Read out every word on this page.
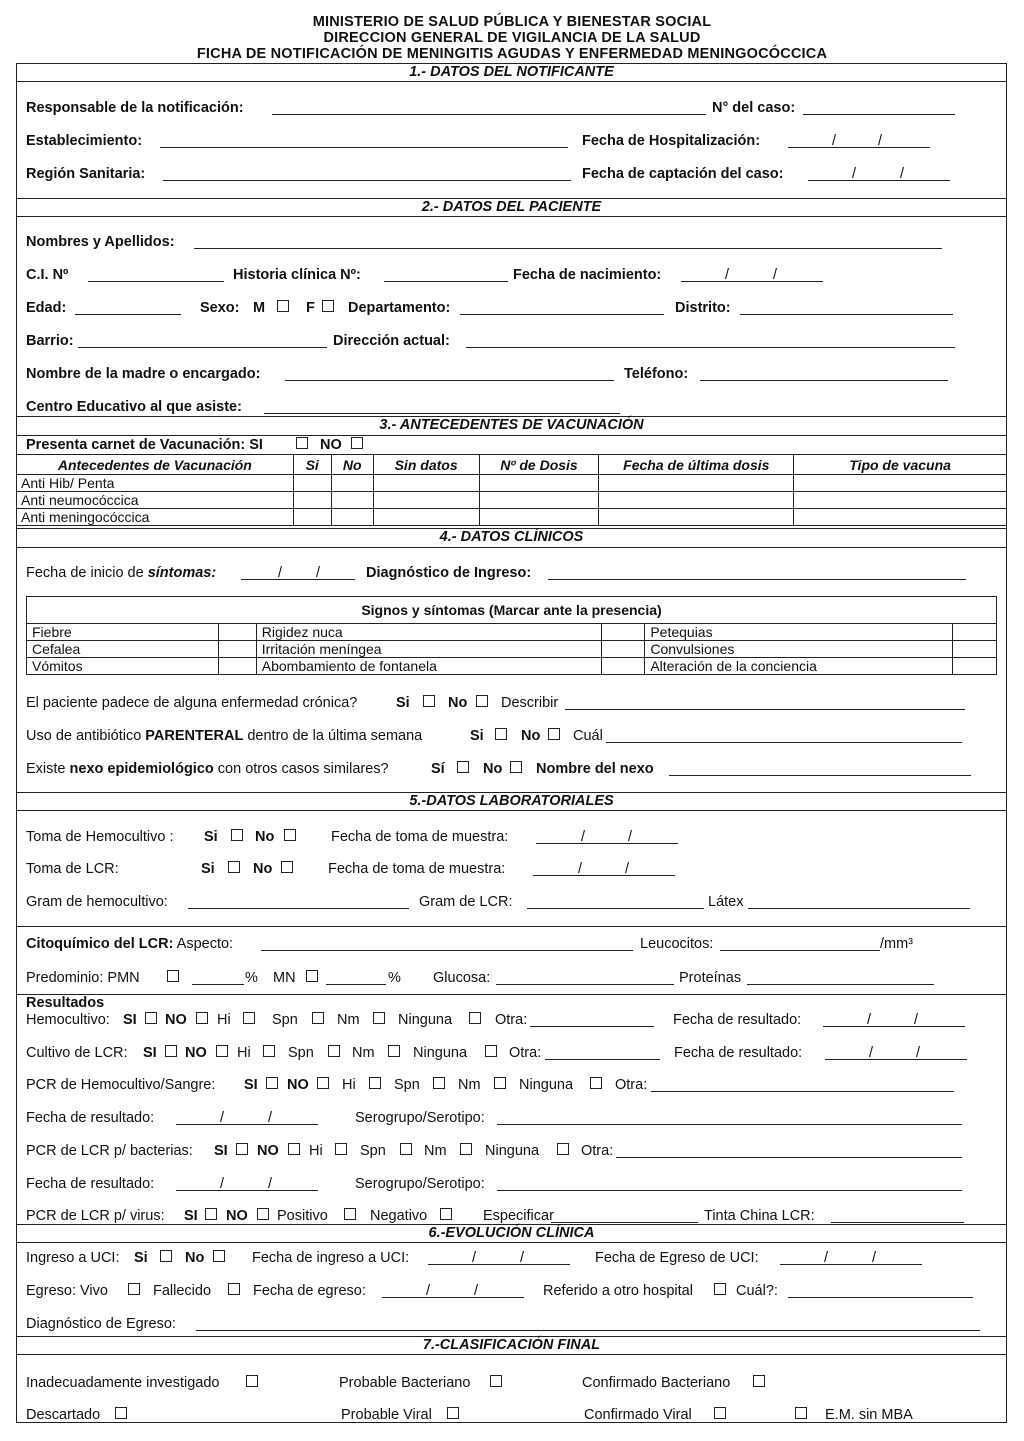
MINISTERIO DE SALUD PÚBLICA Y BIENESTAR SOCIAL
DIRECCION GENERAL DE VIGILANCIA DE LA SALUD
FICHA DE NOTIFICACIÓN DE MENINGITIS AGUDAS Y ENFERMEDAD MENINGOCÓCCICA
1.- DATOS DEL NOTIFICANTE
Responsable de la notificación:	N° del caso:
Establecimiento:	Fecha de Hospitalización:	/	/
Región Sanitaria:	Fecha de captación del caso:	/	/
2.- DATOS DEL PACIENTE
Nombres y Apellidos:
C.I. Nº	Historia clínica Nº:	Fecha de nacimiento:	/	/
Edad:	Sexo: M	F Departamento:	Distrito:
Barrio:	Dirección actual:
Nombre de la madre o encargado:	Teléfono:
Centro Educativo al que asiste:
3.- ANTECEDENTES DE VACUNACIÓN
Presenta carnet de Vacunación: SI	NO
Antecedentes de Vacunación	Si	No	Sin datos	Nº de Dosis	Fecha de última dosis	Tipo de vacuna
Anti Hib/ Penta						
Anti neumocóccica						
Anti meningocóccica						
4.- DATOS CLÍNICOS
Fecha de inicio de síntomas:	/ /	Diagnóstico de Ingreso:
Signos y síntomas (Marcar ante la presencia)					
Fiebre		Rigidez nuca		Petequias	
Cefalea		Irritación meníngea		Convulsiones	
Vómitos		Abombamiento de fontanela		Alteración de la conciencia	
El paciente padece de alguna enfermedad crónica?	Si	No Describir
Uso de antibiótico PARENTERAL dentro de la última semana	Si	No Cuál
Existe nexo epidemiológico con otros casos similares?	Sí	No Nombre del nexo
5.-DATOS LABORATORIALES
Toma de Hemocultivo : Si	No	Fecha de toma de muestra:	/	/
Toma de LCR:	Si	No	Fecha de toma de muestra:	/	/
Gram de hemocultivo:	Gram de LCR:	Látex
Citoquímico del LCR: Aspecto:	Leucocitos:	/mm³
Predominio: PMN	% MN	% Glucosa:	Proteínas
Resultados
Hemocultivo: SI NO Hi	Spn	Nm	Ninguna	Otra:	Fecha de resultado:	/	/
Cultivo de LCR: SI NO Hi	Spn	Nm	Ninguna	Otra:	Fecha de resultado:	/	/
PCR de Hemocultivo/Sangre: SI NO Hi	Spn	Nm	Ninguna	Otra:
Fecha de resultado:	/	/	Serogrupo/Serotipo:
PCR de LCR p/ bacterias: SI NO Hi	Spn	Nm	Ninguna	Otra:
Fecha de resultado:	/	/	Serogrupo/Serotipo:
PCR de LCR p/ virus: SI NO Positivo	Negativo	Especificar	Tinta China LCR:
6.-EVOLUCIÓN CLÍNICA
Ingreso a UCI: Si	No	Fecha de ingreso a UCI:	/	/	Fecha de Egreso de UCI:	/	/
Egreso: Vivo	Fallecido	Fecha de egreso:	/	/	Referido a otro hospital	Cuál?:
Diagnóstico de Egreso:
7.-CLASIFICACIÓN FINAL
Inadecuadamente investigado	Probable Bacteriano	Confirmado Bacteriano
Descartado	Probable Viral	Confirmado Viral	E.M. sin MBA
